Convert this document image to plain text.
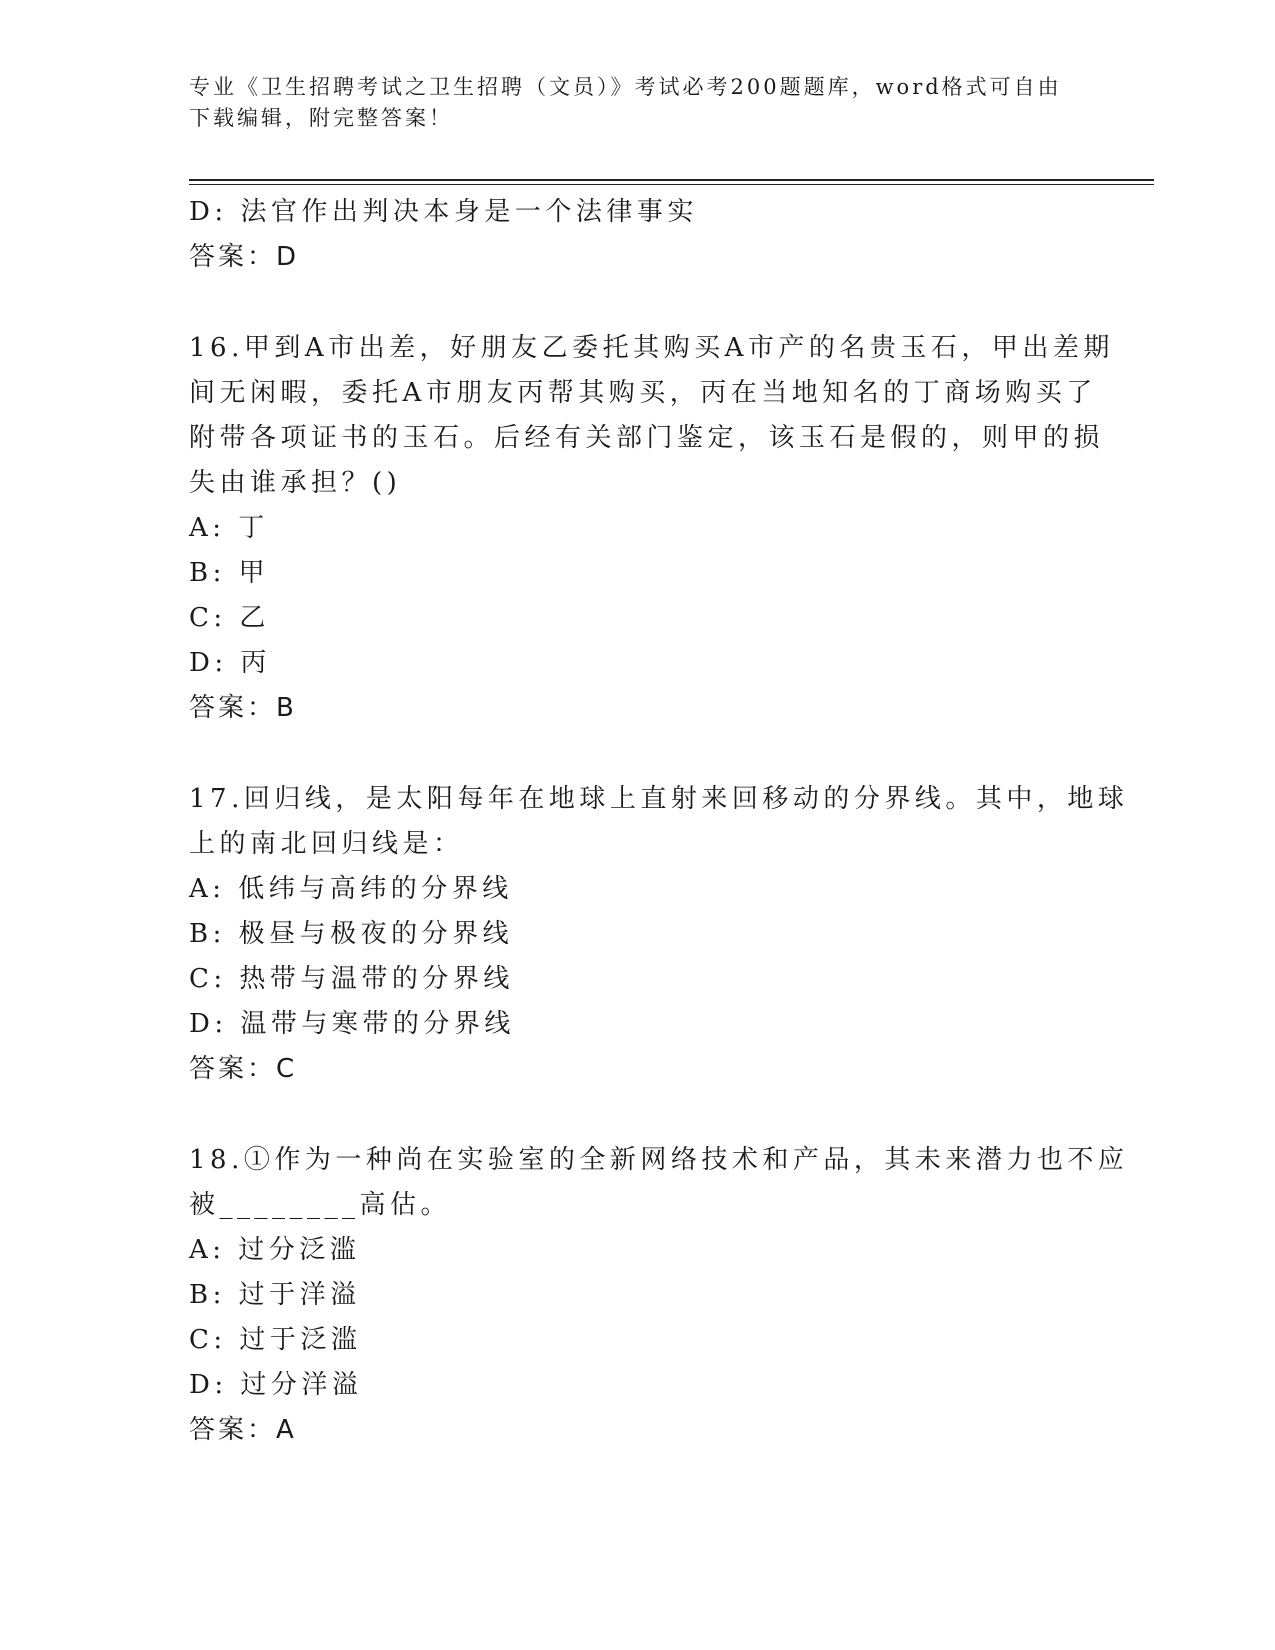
专业《卫生招聘考试之卫生招聘（文员）》考试必考200题题库，word格式可自由下载编辑，附完整答案！
D: 法官作出判决本身是一个法律事实
答案：D
16.甲到A市出差，好朋友乙委托其购买A市产的名贵玉石，甲出差期
间无闲暇，委托A市朋友丙帮其购买，丙在当地知名的丁商场购买了
附带各项证书的玉石。后经有关部门鉴定，该玉石是假的，则甲的损
失由谁承担？()
A: 丁
B: 甲
C: 乙
D: 丙
答案：B
17.回归线，是太阳每年在地球上直射来回移动的分界线。其中，地球
上的南北回归线是：
A: 低纬与高纬的分界线
B: 极昼与极夜的分界线
C: 热带与温带的分界线
D: 温带与寒带的分界线
答案：C
18.①作为一种尚在实验室的全新网络技术和产品，其未来潜力也不应
被________高估。
A: 过分泛滥
B: 过于洋溢
C: 过于泛滥
D: 过分洋溢
答案：A
